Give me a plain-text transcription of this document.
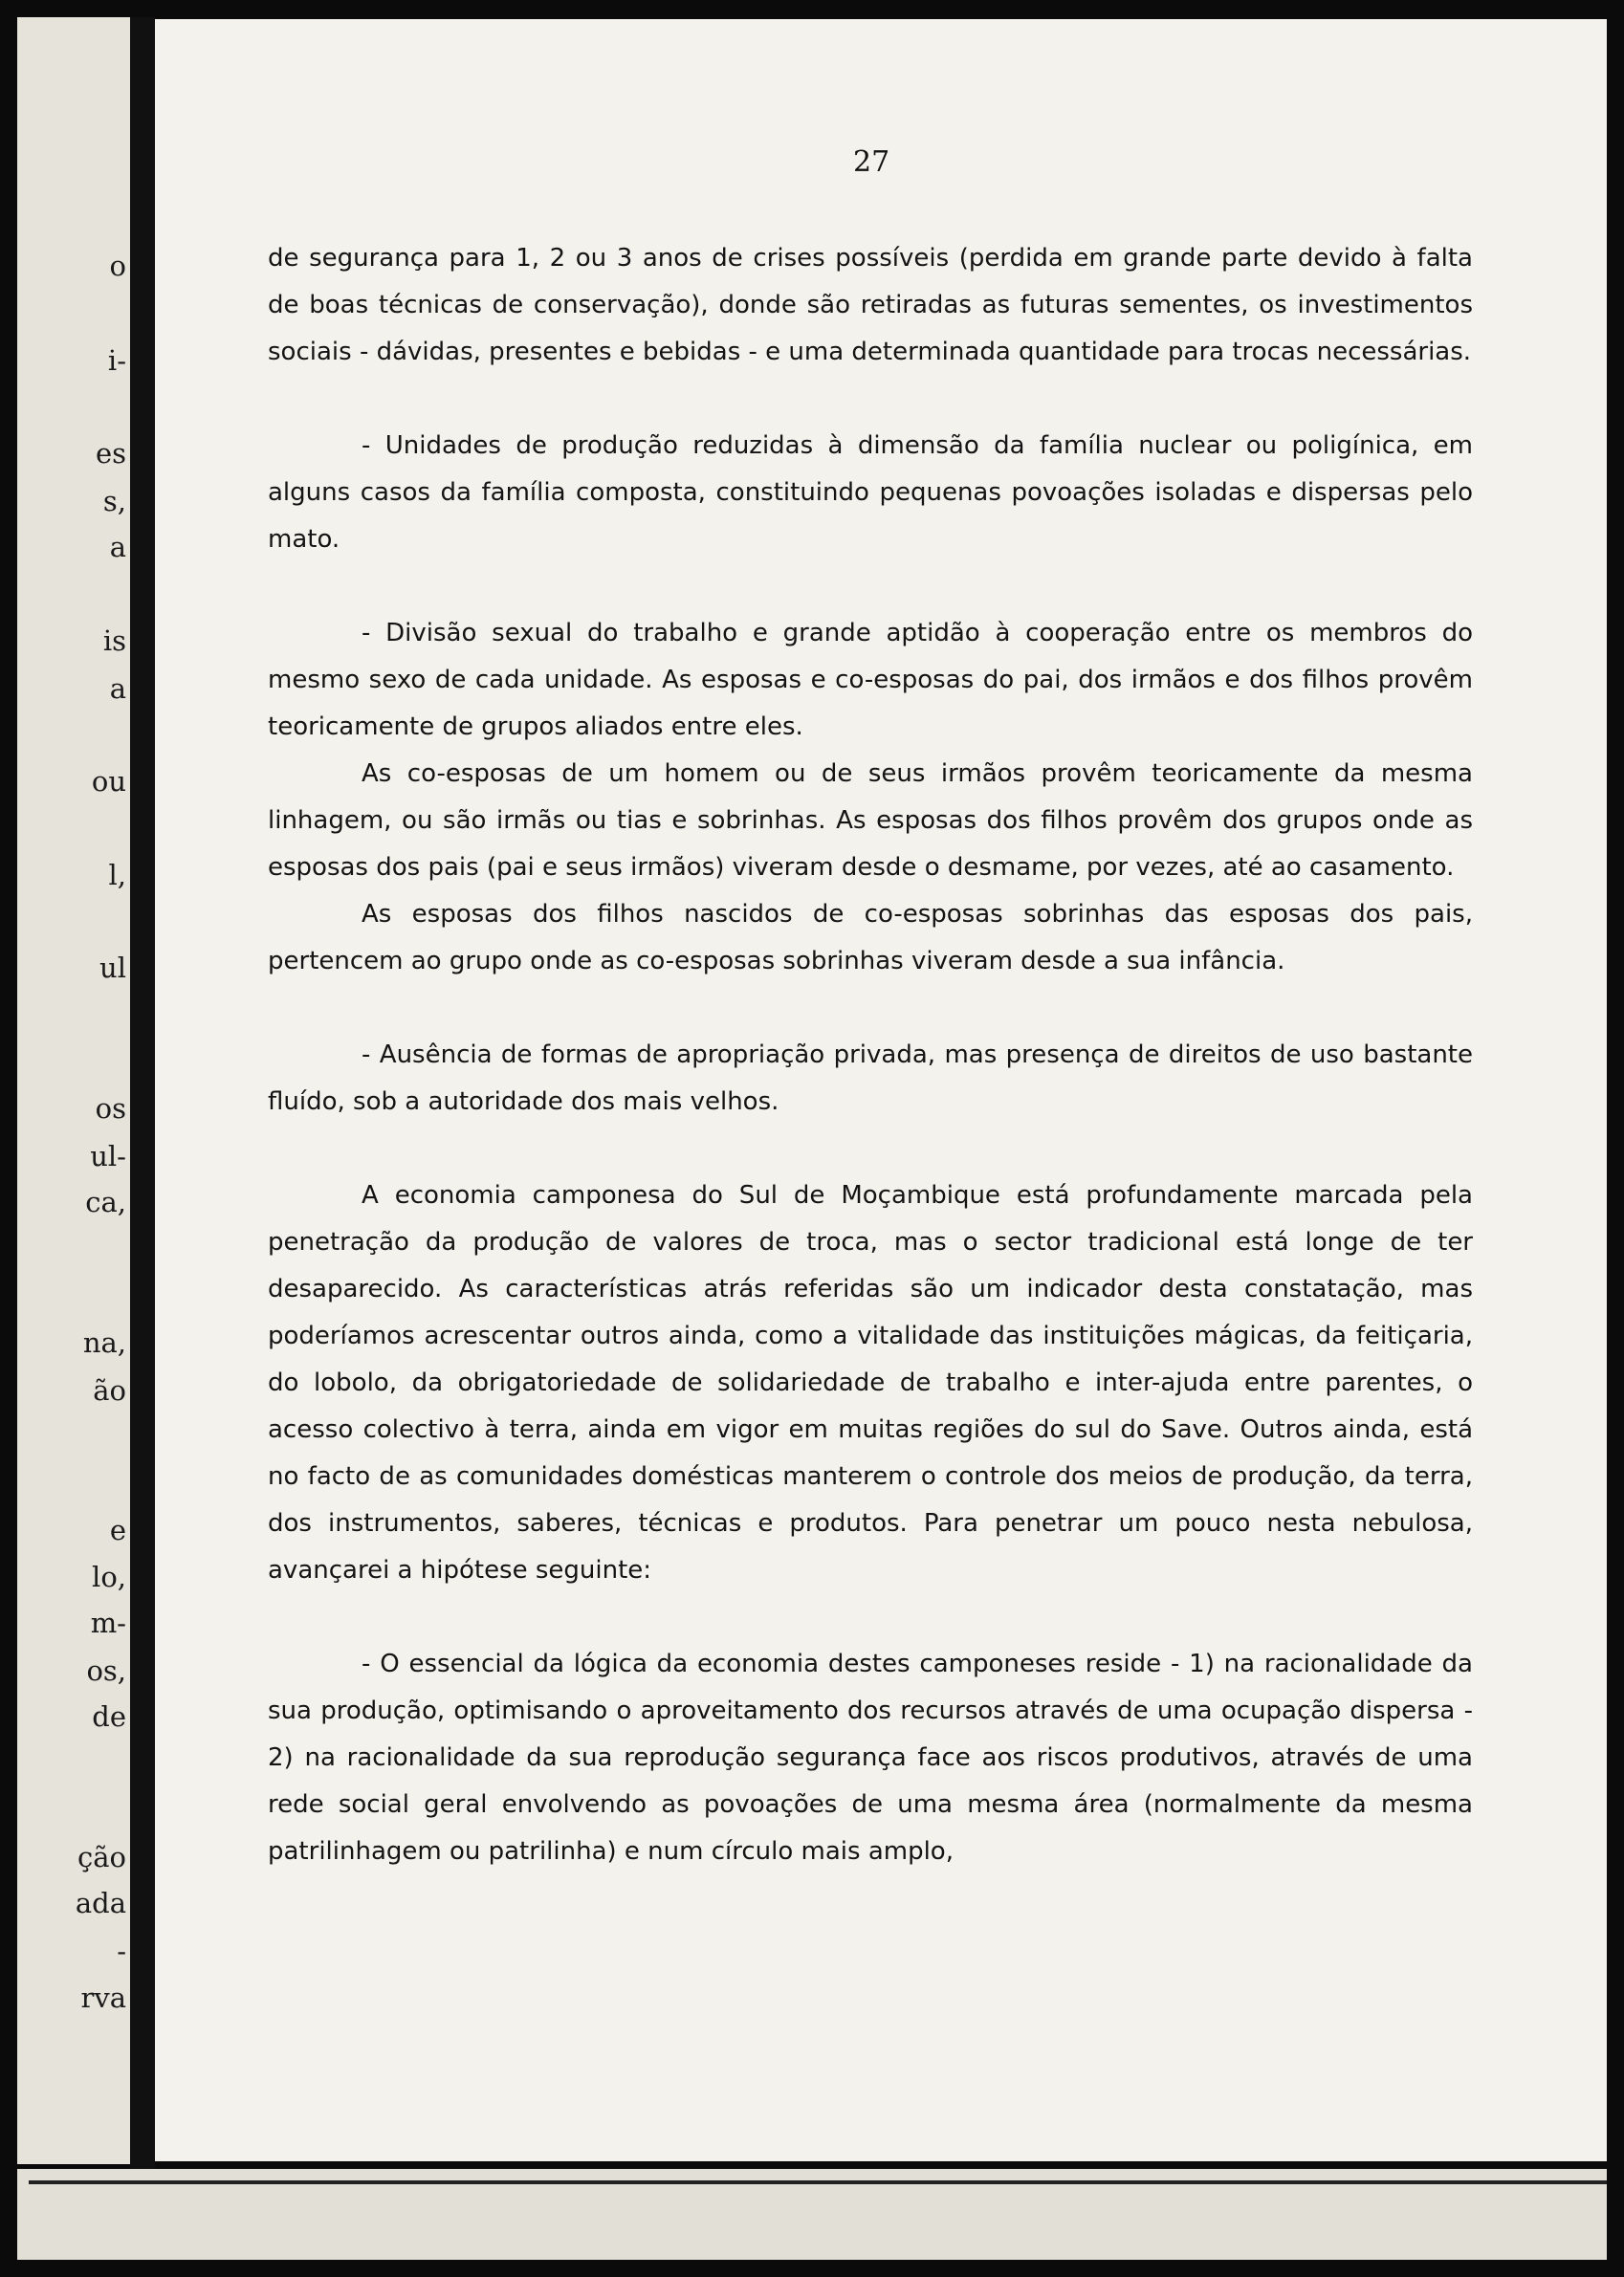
o
i-
es
s,
a
is
a
ou
l,
ul
os
ul-
ca,
na,
ão
e
lo,
m-
os,
de
ção
ada
-
rva
27

de segurança para 1, 2 ou 3 anos de crises possíveis (perdida em grande parte devido à falta de boas técnicas de conservação), donde são retiradas as futuras sementes, os investimentos sociais - dávidas, presentes e bebidas - e uma determinada quantidade para trocas necessárias.

- Unidades de produção reduzidas à dimensão da família nuclear ou poligínica, em alguns casos da família composta, constituindo pequenas povoações isoladas e dispersas pelo mato.

- Divisão sexual do trabalho e grande aptidão à cooperação entre os membros do mesmo sexo de cada unidade. As esposas e co-esposas do pai, dos irmãos e dos filhos provêm teoricamente de grupos aliados entre eles.

As co-esposas de um homem ou de seus irmãos provêm teoricamente da mesma linhagem, ou são irmãs ou tias e sobrinhas. As esposas dos filhos provêm dos grupos onde as esposas dos pais (pai e seus irmãos) viveram desde o desmame, por vezes, até ao casamento.

As esposas dos filhos nascidos de co-esposas sobrinhas das esposas dos pais, pertencem ao grupo onde as co-esposas sobrinhas viveram desde a sua infância.

- Ausência de formas de apropriação privada, mas presença de direitos de uso bastante fluído, sob a autoridade dos mais velhos.

A economia camponesa do Sul de Moçambique está profundamente marcada pela penetração da produção de valores de troca, mas o sector tradicional está longe de ter desaparecido. As características atrás referidas são um indicador desta constatação, mas poderíamos acrescentar outros ainda, como a vitalidade das instituições mágicas, da feitiçaria, do lobolo, da obrigatoriedade de solidariedade de trabalho e inter-ajuda entre parentes, o acesso colectivo à terra, ainda em vigor em muitas regiões do sul do Save. Outros ainda, está no facto de as comunidades domésticas manterem o controle dos meios de produção, da terra, dos instrumentos, saberes, técnicas e produtos. Para penetrar um pouco nesta nebulosa, avançarei a hipótese seguinte:

- O essencial da lógica da economia destes camponeses reside - 1) na racionalidade da sua produção, optimisando o aproveitamento dos recursos através de uma ocupação dispersa - 2) na racionalidade da sua reprodução segurança face aos riscos produtivos, através de uma rede social geral envolvendo as povoações de uma mesma área (normalmente da mesma patrilinhagem ou patrilinha) e num círculo mais amplo,
